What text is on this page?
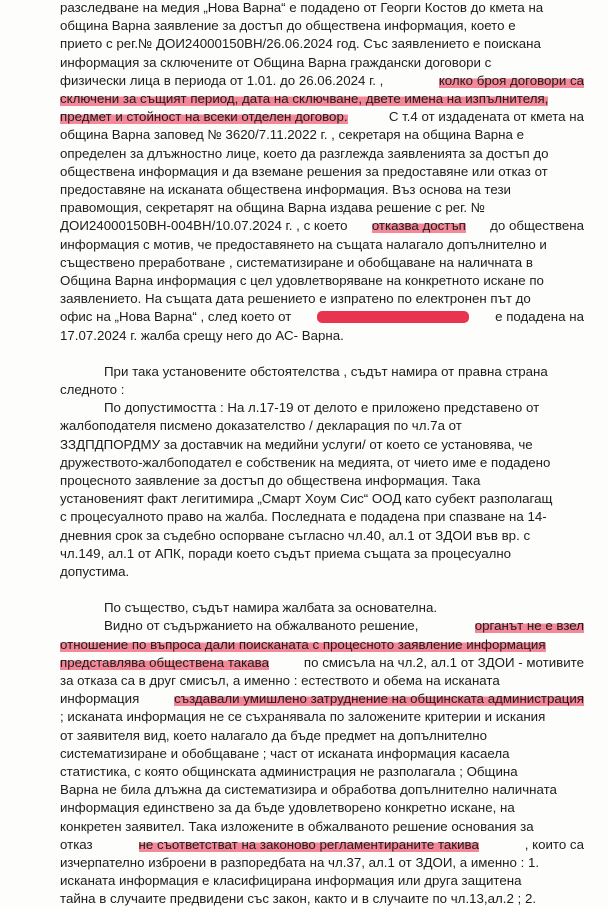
разследване на медия „Нова Варна“ е подадено от Георги Костов до кмета на
община Варна заявление за достъп до обществена информация, което е
прието с рег.№ ДОИ24000150ВН/26.06.2024 год. Със заявлението е поискана
информация за сключените от Община Варна граждански договори с
физически лица в периода от 1.01. до 26.06.2024 г. ,	колко броя договори са
сключени за същият период, дата на сключване, двете имена на изпълнителя,
предмет и стойност на всеки отделен договор.	С т.4 от издадената от кмета на
община Варна заповед № 3620/7.11.2022 г. , секретаря на община Варна е
определен за длъжностно лице, което да разглежда заявленията за достъп до
обществена информация и да вземане решения за предоставяне или отказ от
предоставяне на исканата обществена информация. Въз основа на тези
правомощия, секретарят на община Варна издава решение с рег. №
ДОИ24000150ВН-004ВН/10.07.2024 г. , с което отказва достъп до обществена
информация с мотив, че предоставянето на същата налагало допълнително и
съществено преработване , систематизиране и обобщаване на наличната в
Община Варна информация с цел удовлетворяване на конкретното искане по
заявлението. На същата дата решението е изпратено по електронен път до
офис на „Нова Варна“ , след което от	е подадена на
17.07.2024 г. жалба срещу него до АС- Варна.
При така установените обстоятелства , съдът намира от правна страна
следното :
По допустимостта : На л.17-19 от делото е приложено представено от
жалбоподателя писмено доказателство / декларация по чл.7а от
ЗЗДПДПОРДМУ за доставчик на медийни услуги/ от което се установява, че
дружеството-жалбоподател е собственик на медията, от чието име е подадено
процесното заявление за достъп до обществена информация. Така
установеният факт легитимира „Смарт Хоум Сис“ ООД като субект разполагащ
с процесуалното право на жалба. Последната е подадена при спазване на 14-
дневния срок за съдебно оспорване съгласно чл.40, ал.1 от ЗДОИ във вр. с
чл.149, ал.1 от АПК, поради което съдът приема същата за процесуално
допустима.
По същество, съдът намира жалбата за основателна.
Видно от съдържанието на обжалваното решение,	органът не е взел
отношение по въпроса дали поисканата с процесното заявление информация
представлява обществена такава	по смисъла на чл.2, ал.1 от ЗДОИ - мотивите
за отказа са в друг смисъл, а именно : естеството и обема на исканата
информация	създавали умишлено затруднение на общинската администрация
; исканата информация не се съхранявала по заложените критерии и искания
от заявителя вид, което налагало да бъде предмет на допълнително
систематизиране и обобщаване ; част от исканата информация касаела
статистика, с която общинската администрация не разполагала ; Община
Варна не била длъжна да систематизира и обработва допълнително наличната
информация единствено за да бъде удовлетворено конкретно искане, на
конкретен заявител. Така изложените в обжалваното решение основания за
отказ	не съответстват на законово регламентираните такива	, които са
изчерпателно изброени в разпоредбата на чл.37, ал.1 от ЗДОИ, а именно : 1.
исканата информация е класифицирана информация или друга защитена
тайна в случаите предвидени със закон, както и в случаите по чл.13,ал.2 ; 2.
